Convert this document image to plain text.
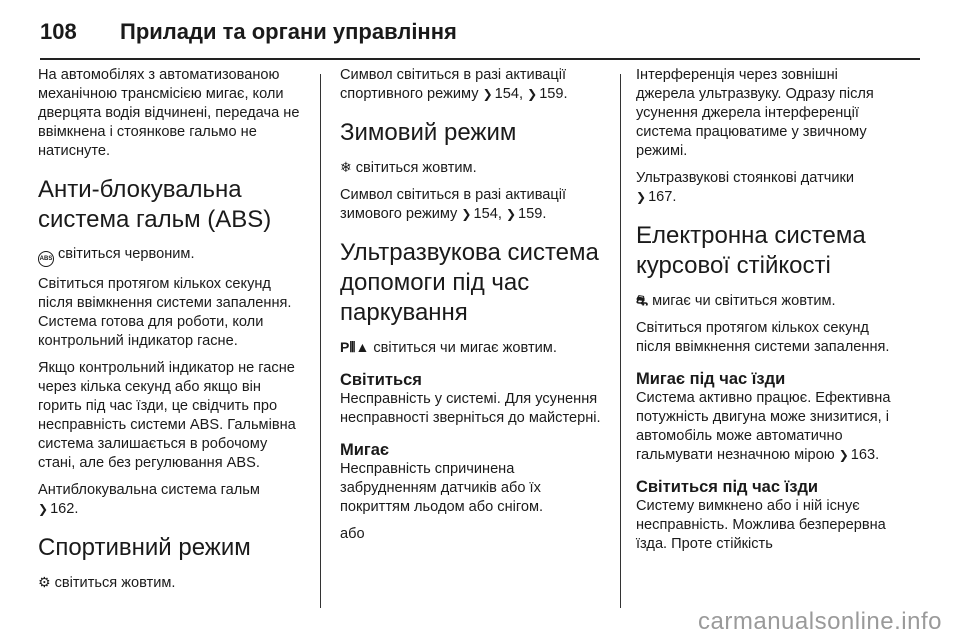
108	Прилади та органи управління

На автомобілях з автоматизованою механічною трансмісією мигає, коли дверцята водія відчинені, передача не ввімкнена і стоянкове гальмо не натиснуте.

Анти-блокувальна система гальм (ABS)

ABS світиться червоним.

Світиться протягом кількох секунд після ввімкнення системи запалення. Система готова для роботи, коли контрольний індикатор гасне.

Якщо контрольний індикатор не гасне через кілька секунд або якщо він горить під час їзди, це свідчить про несправність системи ABS. Гальмівна система залишається в робочому стані, але без регулювання ABS.

Антиблокувальна система гальм
❯ 162.

Спортивний режим

⚙ світиться жовтим.

Символ світиться в разі активації спортивного режиму ❯ 154, ❯ 159.

Зимовий режим

❄ світиться жовтим.

Символ світиться в разі активації зимового режиму ❯ 154, ❯ 159.

Ультразвукова система допомоги під час паркування

P⦀▲ світиться чи мигає жовтим.

Світиться

Несправність у системі. Для усунення несправності зверніться до майстерні.

Мигає

Несправність спричинена забрудненням датчиків або їх покриттям льодом або снігом.

або

Інтерференція через зовнішні джерела ультразвуку. Одразу після усунення джерела інтерференції система працюватиме у звичному режимі.

Ультразвукові стоянкові датчики
❯ 167.

Електронна система курсової стійкості

⛐ мигає чи світиться жовтим.

Світиться протягом кількох секунд після ввімкнення системи запалення.

Мигає під час їзди

Система активно працює. Ефективна потужність двигуна може знизитися, і автомобіль може автоматично гальмувати незначною мірою ❯ 163.

Світиться під час їзди

Систему вимкнено або і ній існує несправність. Можлива безперервна їзда. Проте стійкість

carmanualsonline.info
